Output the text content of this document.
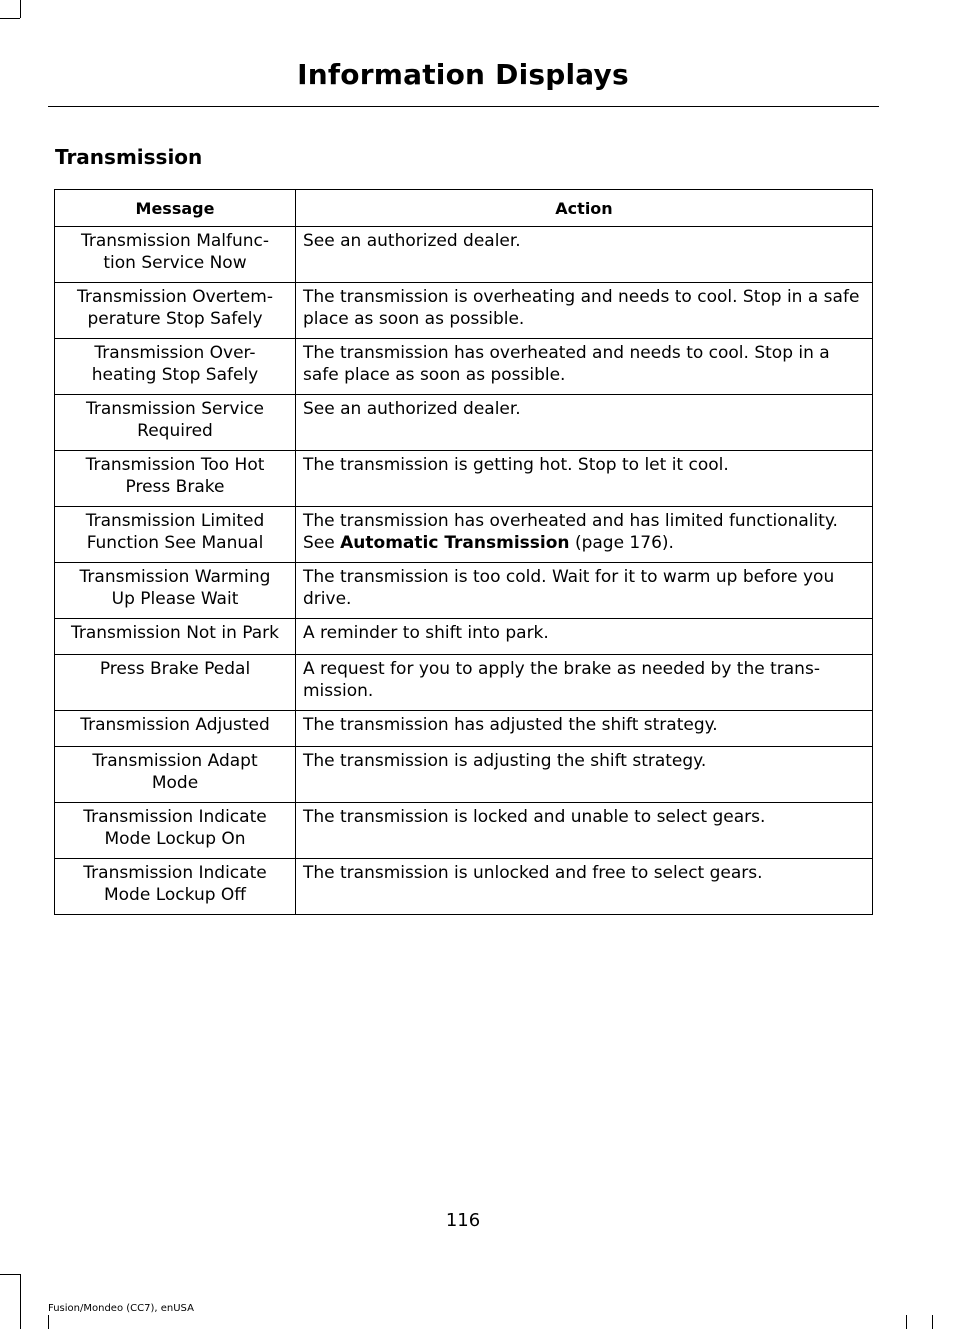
Information Displays
Transmission
Message	Action
Transmission Malfunc-
tion Service Now	See an authorized dealer.
Transmission Overtem-
perature Stop Safely	The transmission is overheating and needs to cool. Stop in a safe place as soon as possible.
Transmission Over-
heating Stop Safely	The transmission has overheated and needs to cool. Stop in a safe place as soon as possible.
Transmission Service
Required	See an authorized dealer.
Transmission Too Hot
Press Brake	The transmission is getting hot. Stop to let it cool.
Transmission Limited
Function See Manual	The transmission has overheated and has limited functionality.
See Automatic Transmission (page 176).
Transmission Warming
Up Please Wait	The transmission is too cold. Wait for it to warm up before you drive.
Transmission Not in Park	A reminder to shift into park.
Press Brake Pedal	A request for you to apply the brake as needed by the trans-
mission.
Transmission Adjusted	The transmission has adjusted the shift strategy.
Transmission Adapt
Mode	The transmission is adjusting the shift strategy.
Transmission Indicate
Mode Lockup On	The transmission is locked and unable to select gears.
Transmission Indicate
Mode Lockup Off	The transmission is unlocked and free to select gears.
116
Fusion/Mondeo (CC7), enUSA
